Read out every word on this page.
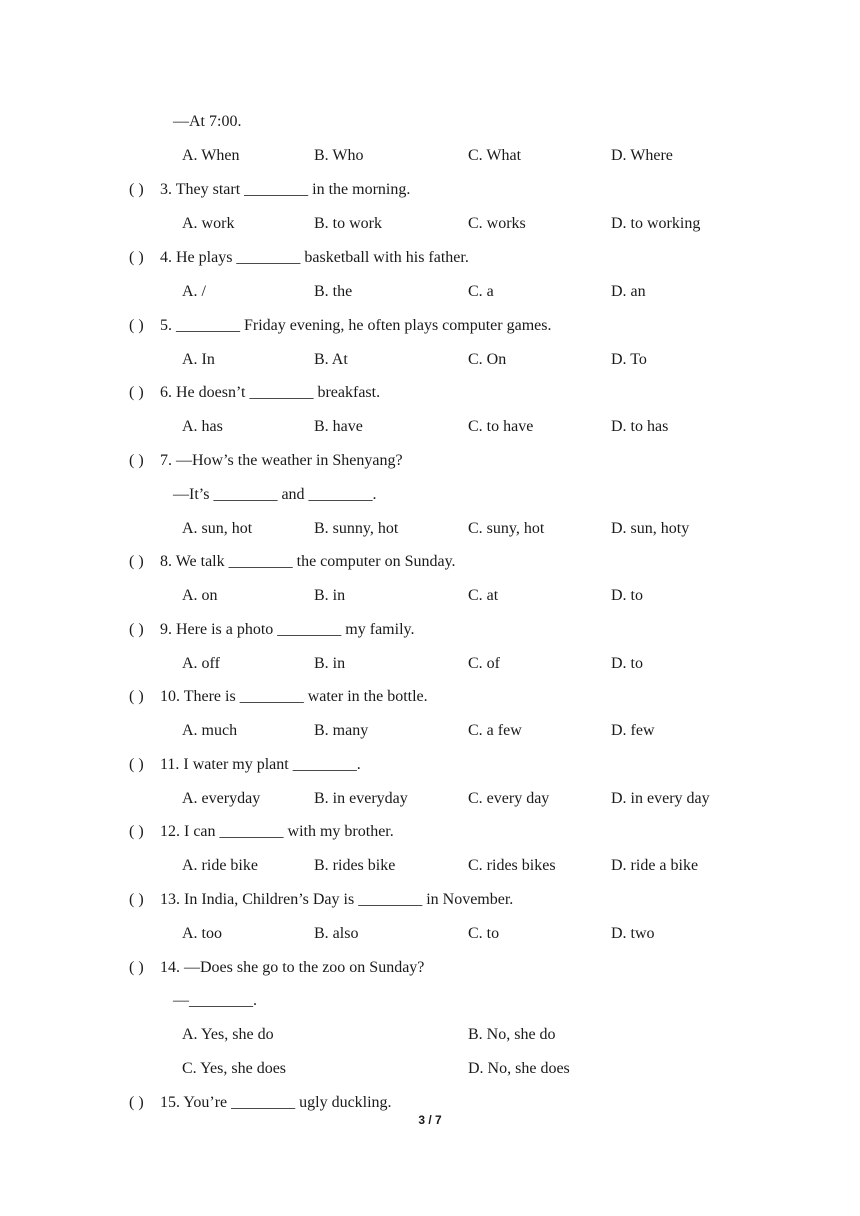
—At 7:00.
A. When	B. Who	C. What	D. Where
( ) 3. They start ________ in the morning.
A. work	B. to work	C. works	D. to working
( ) 4. He plays ________ basketball with his father.
A. /	B. the	C. a	D. an
( ) 5. ________ Friday evening, he often plays computer games.
A. In	B. At	C. On	D. To
( ) 6. He doesn’t ________ breakfast.
A. has	B. have	C. to have	D. to has
( ) 7. —How’s the weather in Shenyang?
—It’s ________ and ________.
A. sun, hot	B. sunny, hot	C. suny, hot	D. sun, hoty
( ) 8. We talk ________ the computer on Sunday.
A. on	B. in	C. at	D. to
( ) 9. Here is a photo ________ my family.
A. off	B. in	C. of	D. to
( ) 10. There is ________ water in the bottle.
A. much	B. many	C. a few	D. few
( ) 11. I water my plant ________.
A. everyday	B. in everyday	C. every day	D. in every day
( ) 12. I can ________ with my brother.
A. ride bike	B. rides bike	C. rides bikes	D. ride a bike
( ) 13. In India, Children’s Day is ________ in November.
A. too	B. also	C. to	D. two
( ) 14. —Does she go to the zoo on Sunday?
—________.
A. Yes, she do	B. No, she do
C. Yes, she does	D. No, she does
( ) 15. You’re ________ ugly duckling.
3 / 7
